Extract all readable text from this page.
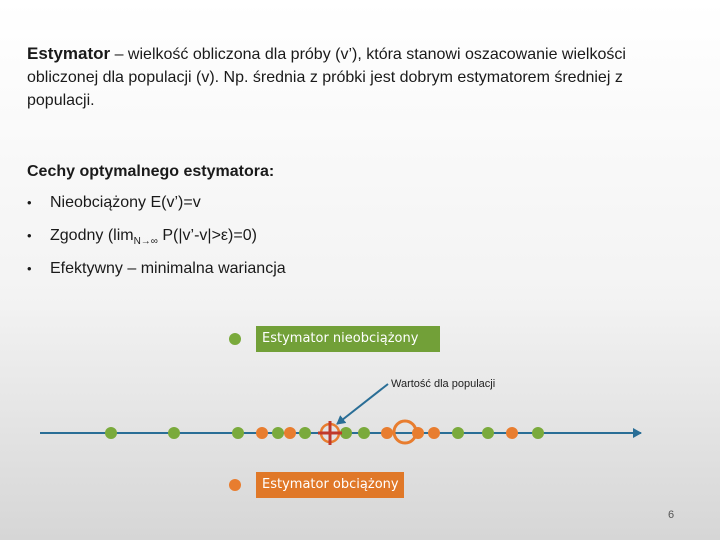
Estymator – wielkość obliczona dla próby (v’), która stanowi oszacowanie wielkości obliczonej dla populacji (v). Np. średnia z próbki jest dobrym estymatorem średniej z populacji.
Cechy optymalnego estymatora:
•	Nieobciążony E(v’)=v
•	Zgodny ($\lim_{N\to\infty}$ P(|v’-v|>ε)=0)
•	Efektywny – minimalna wariancja
Estymator nieobciążony
Wartość dla populacji
Estymator obciążony
6
